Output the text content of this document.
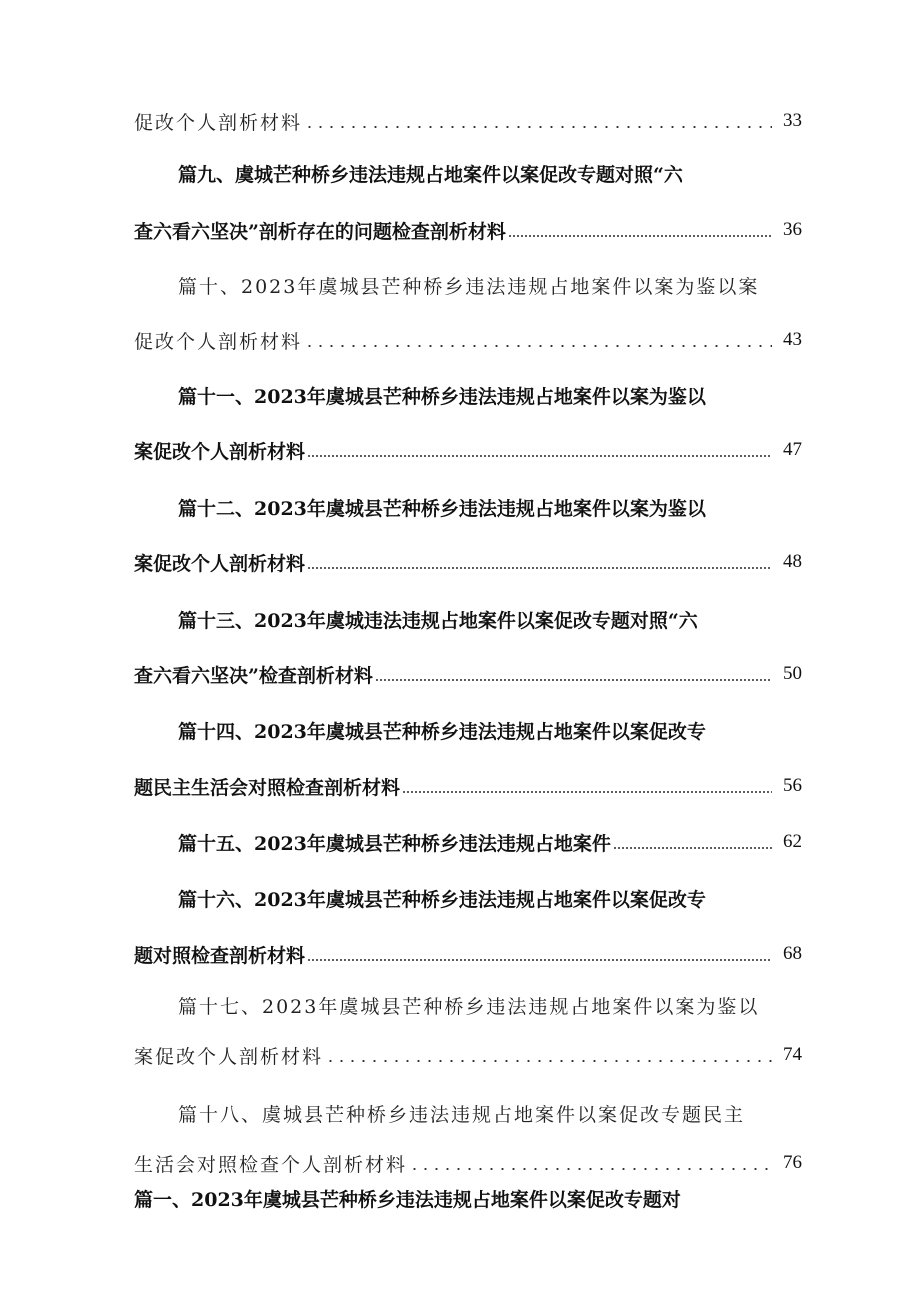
促改个人剖析材料	33
篇九、虞城芒种桥乡违法违规占地案件以案促改专题对照“六
查六看六坚决”剖析存在的问题检查剖析材料	36
篇十、2023年虞城县芒种桥乡违法违规占地案件以案为鉴以案
促改个人剖析材料	43
篇十一、2023年虞城县芒种桥乡违法违规占地案件以案为鉴以
案促改个人剖析材料	47
篇十二、2023年虞城县芒种桥乡违法违规占地案件以案为鉴以
案促改个人剖析材料	48
篇十三、2023年虞城违法违规占地案件以案促改专题对照“六
查六看六坚决”检查剖析材料	50
篇十四、2023年虞城县芒种桥乡违法违规占地案件以案促改专
题民主生活会对照检查剖析材料	56
篇十五、2023年虞城县芒种桥乡违法违规占地案件	62
篇十六、2023年虞城县芒种桥乡违法违规占地案件以案促改专
题对照检查剖析材料	68
篇十七、2023年虞城县芒种桥乡违法违规占地案件以案为鉴以
案促改个人剖析材料	74
篇十八、虞城县芒种桥乡违法违规占地案件以案促改专题民主
生活会对照检查个人剖析材料	76
篇一、2023年虞城县芒种桥乡违法违规占地案件以案促改专题对
